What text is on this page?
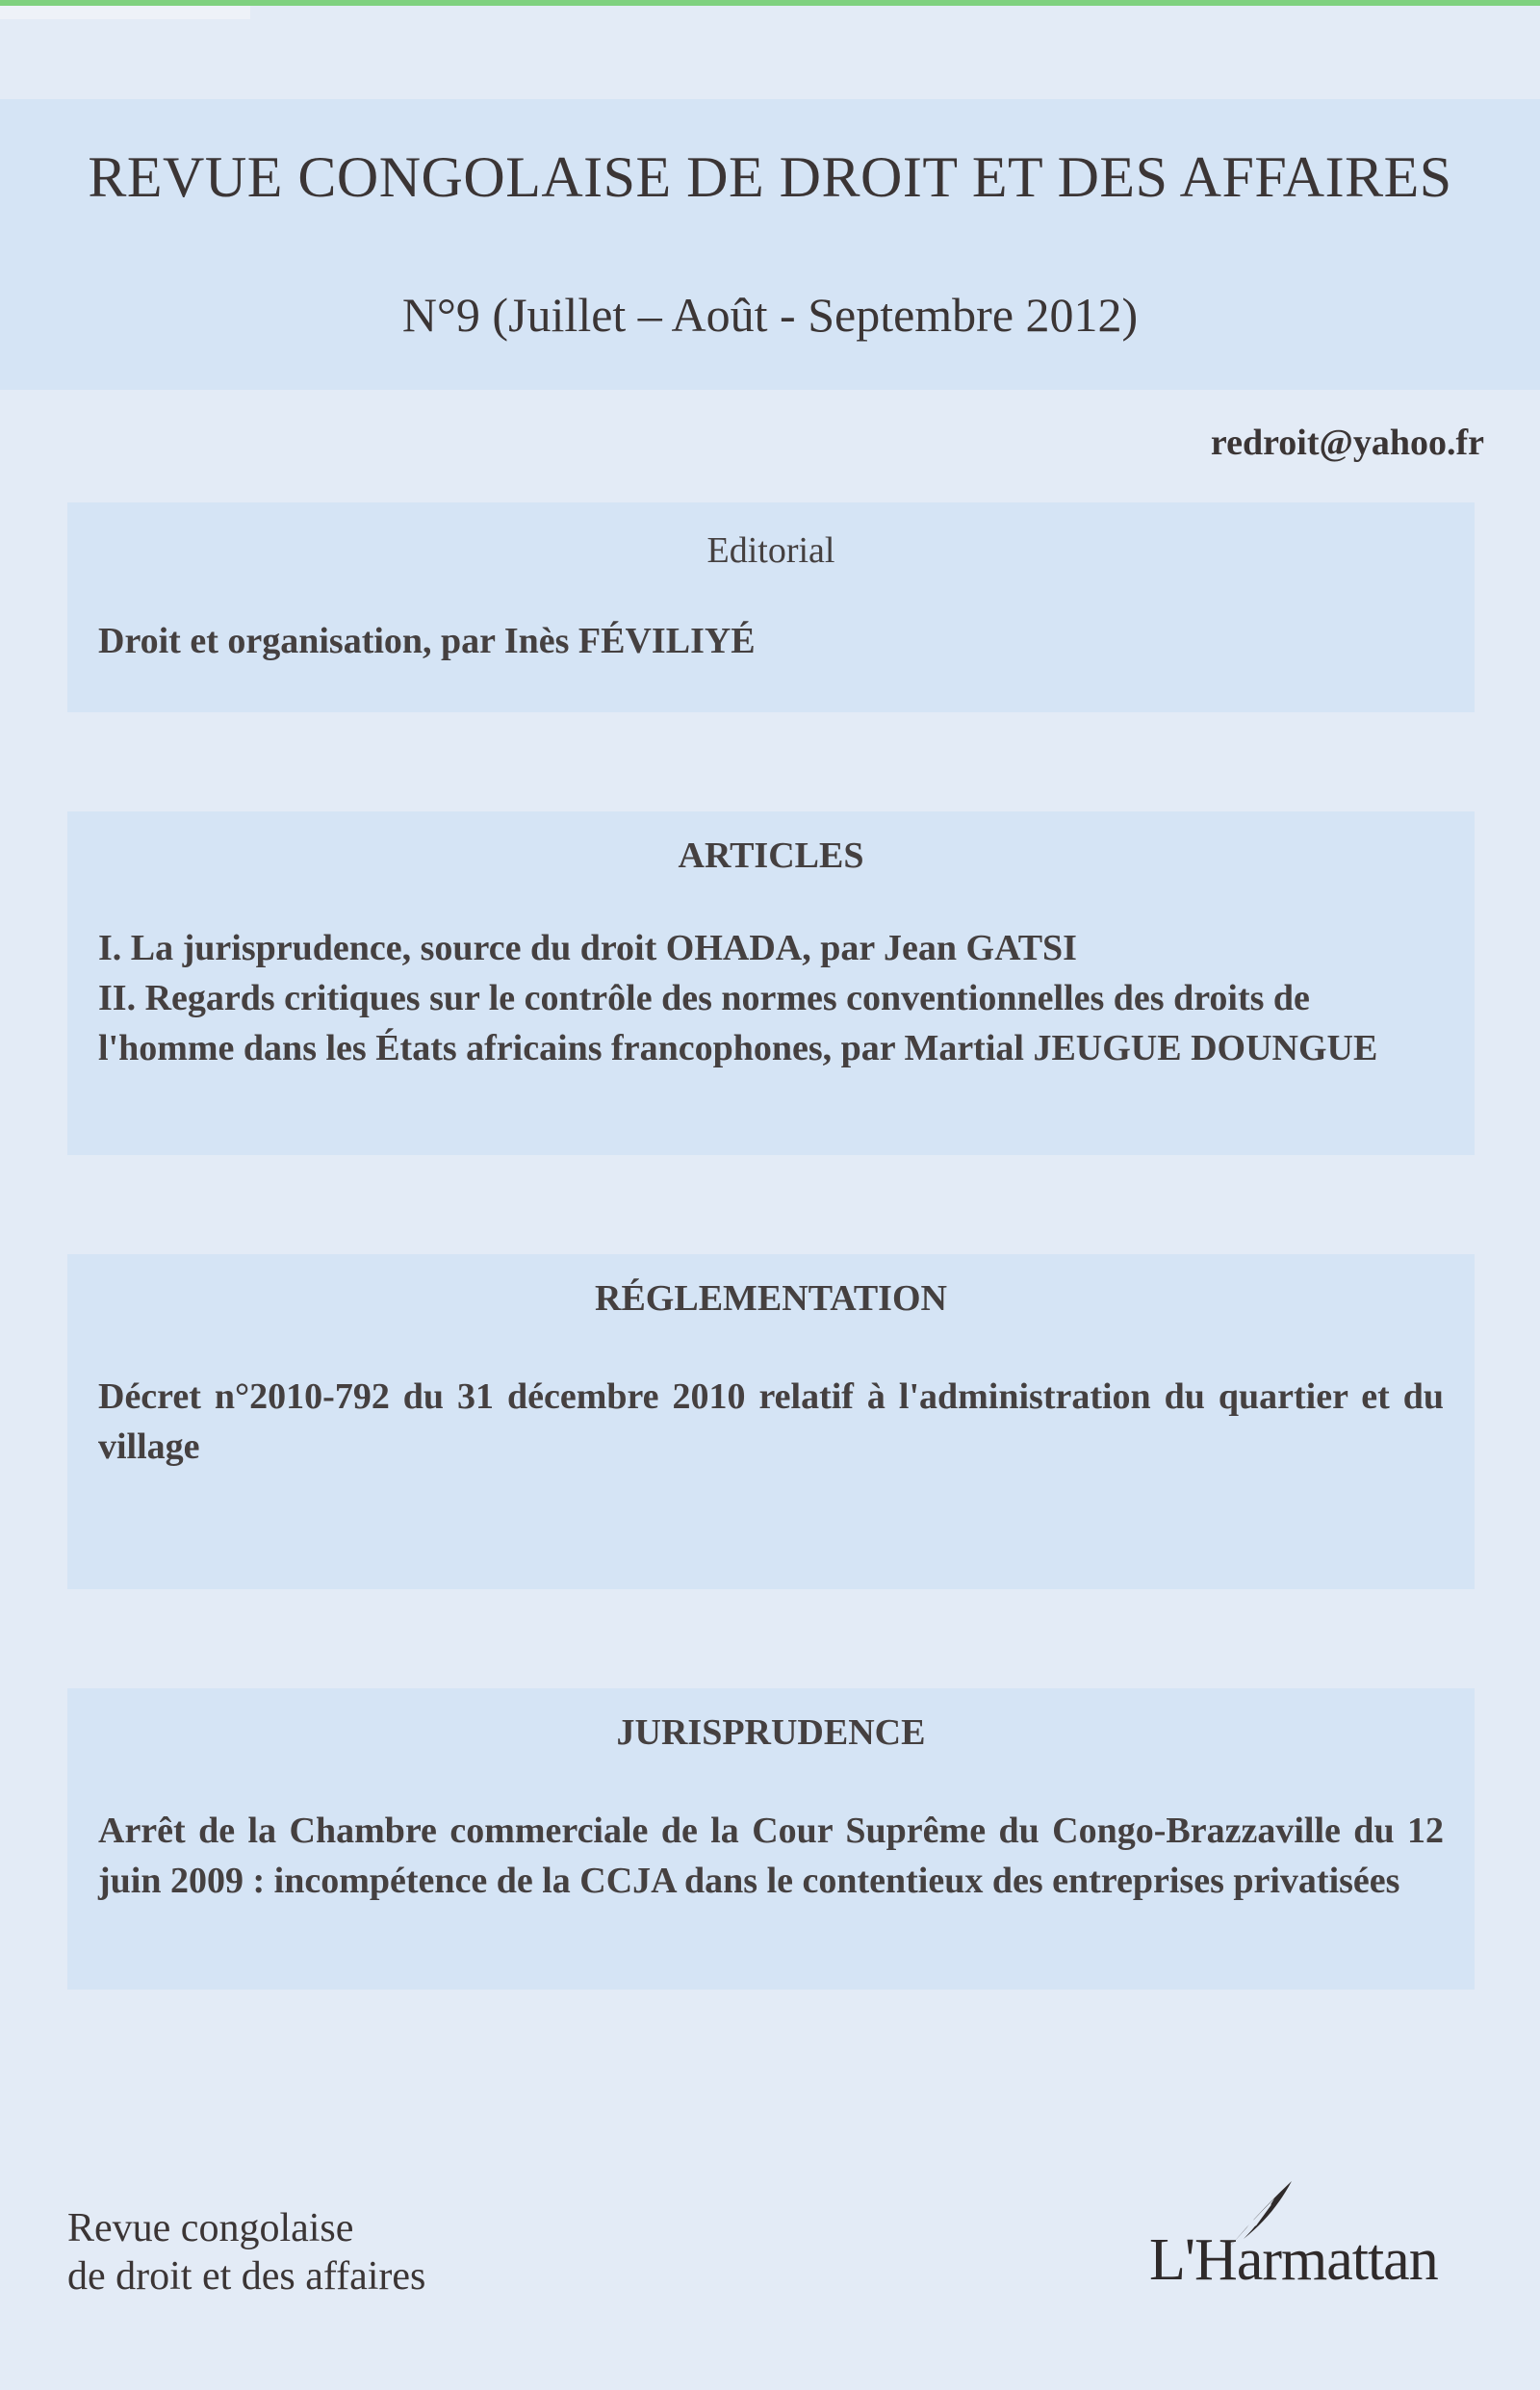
REVUE CONGOLAISE DE DROIT ET DES AFFAIRES

N°9 (Juillet – Août - Septembre 2012)

redroit@yahoo.fr
Editorial

Droit et organisation, par Inès FÉVILIYÉ

ARTICLES

I. La jurisprudence, source du droit OHADA, par Jean GATSI

II. Regards critiques sur le contrôle des normes conventionnelles des droits de l'homme dans les États africains francophones, par Martial JEUGUE DOUNGUE

RÉGLEMENTATION

Décret n°2010-792 du 31 décembre 2010 relatif à l'administration du quartier et du village

JURISPRUDENCE

Arrêt de la Chambre commerciale de la Cour Suprême du Congo-Brazzaville du 12 juin 2009 : incompétence de la CCJA dans le contentieux des entreprises privatisées

Revue congolaise
de droit et des affaires	L'Harmattan
